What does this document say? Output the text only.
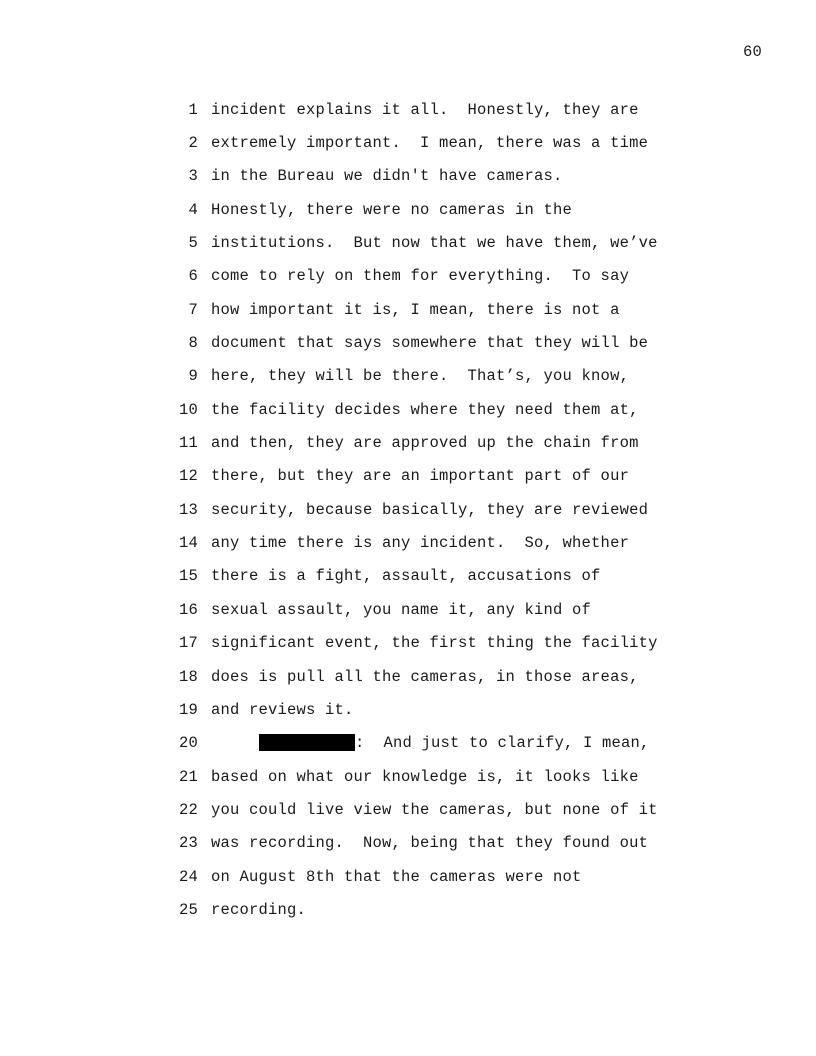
60
1 incident explains it all.  Honestly, they are
2 extremely important.  I mean, there was a time
3 in the Bureau we didn't have cameras.
4 Honestly, there were no cameras in the
5 institutions.  But now that we have them, we’ve
6 come to rely on them for everything.  To say
7 how important it is, I mean, there is not a
8 document that says somewhere that they will be
9 here, they will be there.  That’s, you know,
10 the facility decides where they need them at,
11 and then, they are approved up the chain from
12 there, but they are an important part of our
13 security, because basically, they are reviewed
14 any time there is any incident.  So, whether
15 there is a fight, assault, accusations of
16 sexual assault, you name it, any kind of
17 significant event, the first thing the facility
18 does is pull all the cameras, in those areas,
19 and reviews it.
20	:  And just to clarify, I mean,
21 based on what our knowledge is, it looks like
22 you could live view the cameras, but none of it
23 was recording.  Now, being that they found out
24 on August 8th that the cameras were not
25 recording.
